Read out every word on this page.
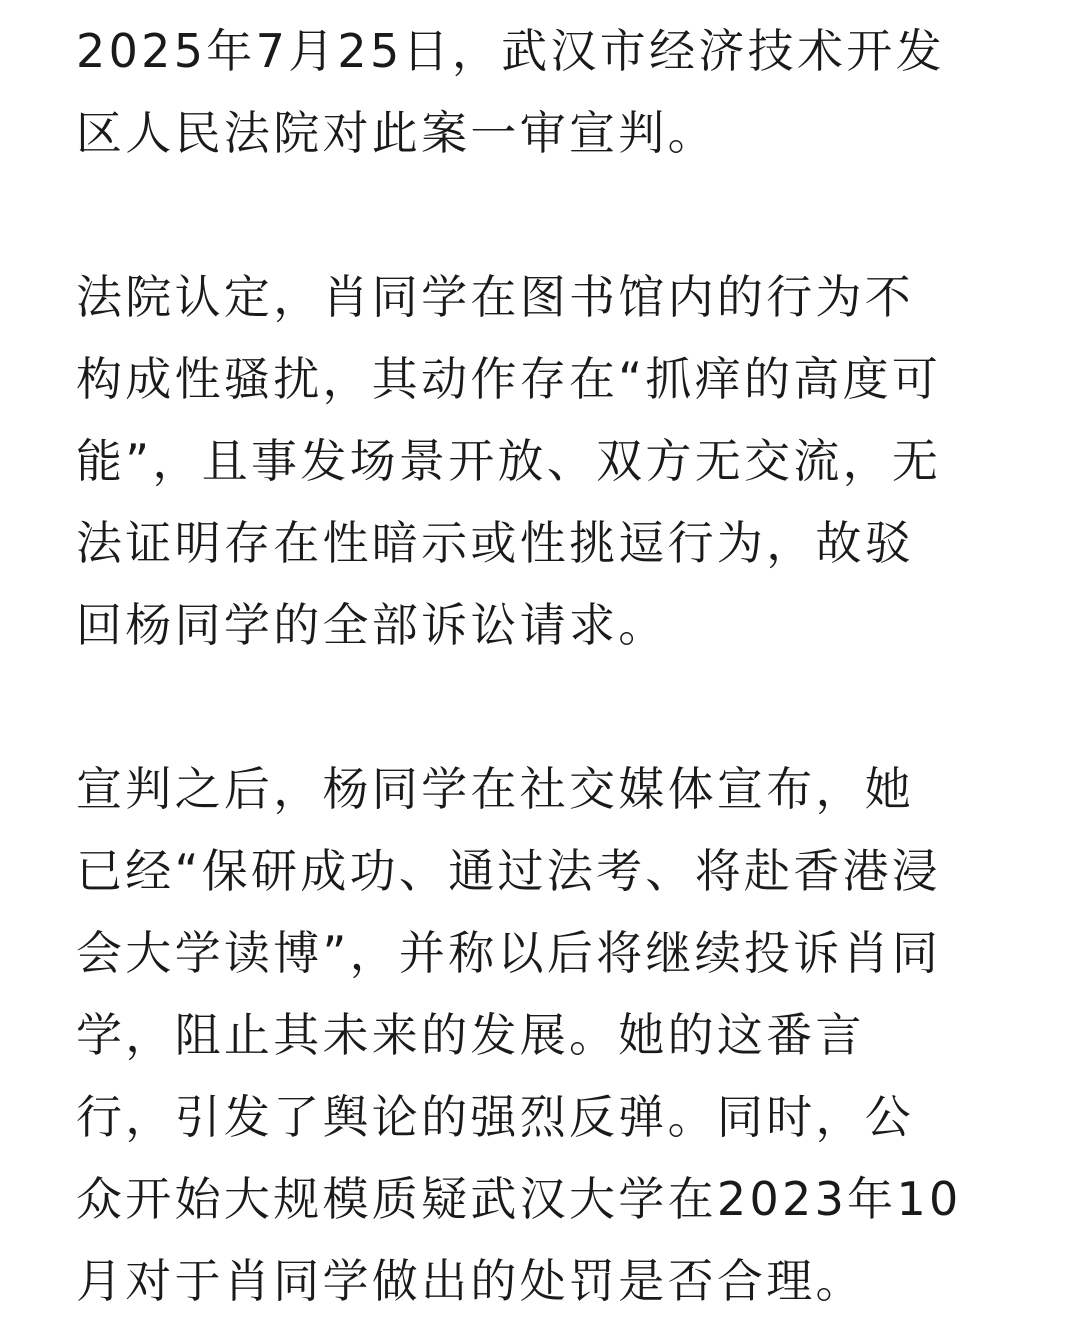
2025年7月25日，武汉市经济技术开发
区人民法院对此案一审宣判。
法院认定，肖同学在图书馆内的行为不
构成性骚扰，其动作存在“抓痒的高度可
能”，且事发场景开放、双方无交流，无
法证明存在性暗示或性挑逗行为，故驳
回杨同学的全部诉讼请求。
宣判之后，杨同学在社交媒体宣布，她
已经“保研成功、通过法考、将赴香港浸
会大学读博”，并称以后将继续投诉肖同
学，阻止其未来的发展。她的这番言
行，引发了舆论的强烈反弹。同时，公
众开始大规模质疑武汉大学在2023年10
月对于肖同学做出的处罚是否合理。
